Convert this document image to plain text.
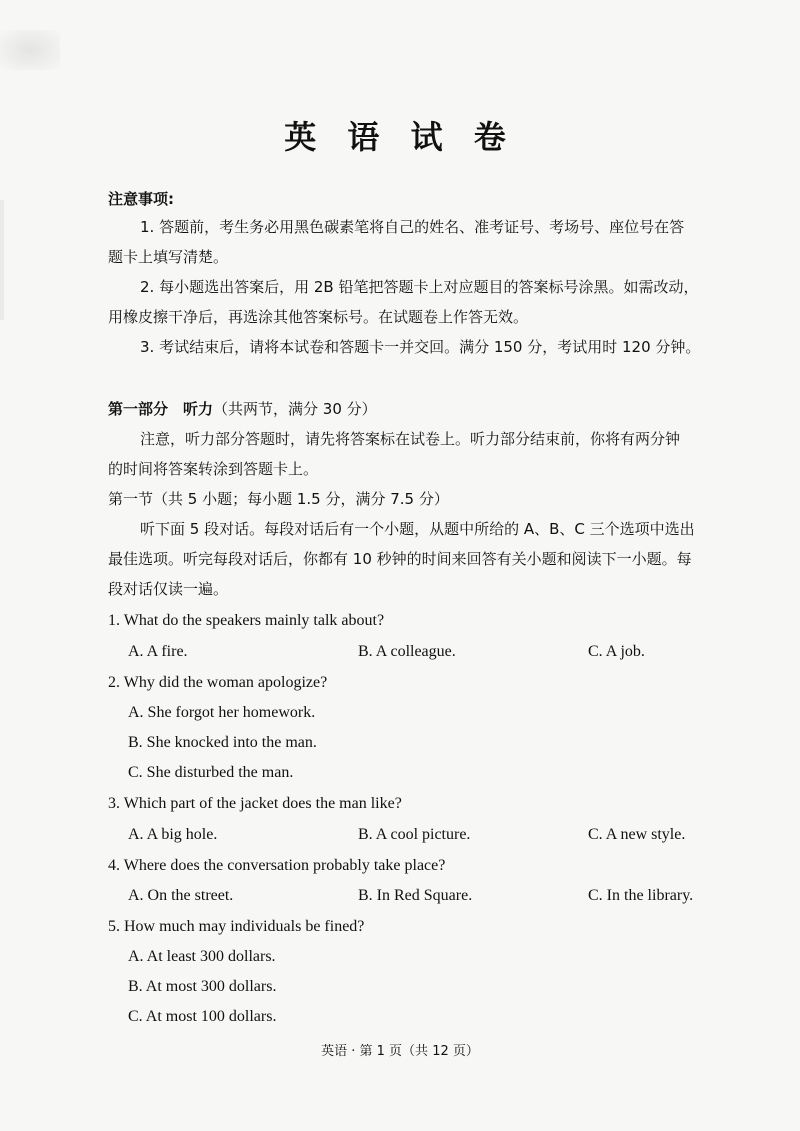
英 语 试 卷
注意事项:
1. 答题前，考生务必用黑色碳素笔将自己的姓名、准考证号、考场号、座位号在答
题卡上填写清楚。
2. 每小题选出答案后，用 2B 铅笔把答题卡上对应题目的答案标号涂黑。如需改动，
用橡皮擦干净后，再选涂其他答案标号。在试题卷上作答无效。
3. 考试结束后，请将本试卷和答题卡一并交回。满分 150 分，考试用时 120 分钟。
第一部分　听力（共两节，满分 30 分）
注意，听力部分答题时，请先将答案标在试卷上。听力部分结束前，你将有两分钟
的时间将答案转涂到答题卡上。
第一节（共 5 小题；每小题 1.5 分，满分 7.5 分）
听下面 5 段对话。每段对话后有一个小题，从题中所给的 A、B、C 三个选项中选出
最佳选项。听完每段对话后，你都有 10 秒钟的时间来回答有关小题和阅读下一小题。每
段对话仅读一遍。
1. What do the speakers mainly talk about?
A. A fire.	B. A colleague.	C. A job.
2. Why did the woman apologize?
A. She forgot her homework.
B. She knocked into the man.
C. She disturbed the man.
3. Which part of the jacket does the man like?
A. A big hole.	B. A cool picture.	C. A new style.
4. Where does the conversation probably take place?
A. On the street.	B. In Red Square.	C. In the library.
5. How much may individuals be fined?
A. At least 300 dollars.
B. At most 300 dollars.
C. At most 100 dollars.
英语 · 第 1 页（共 12 页）
